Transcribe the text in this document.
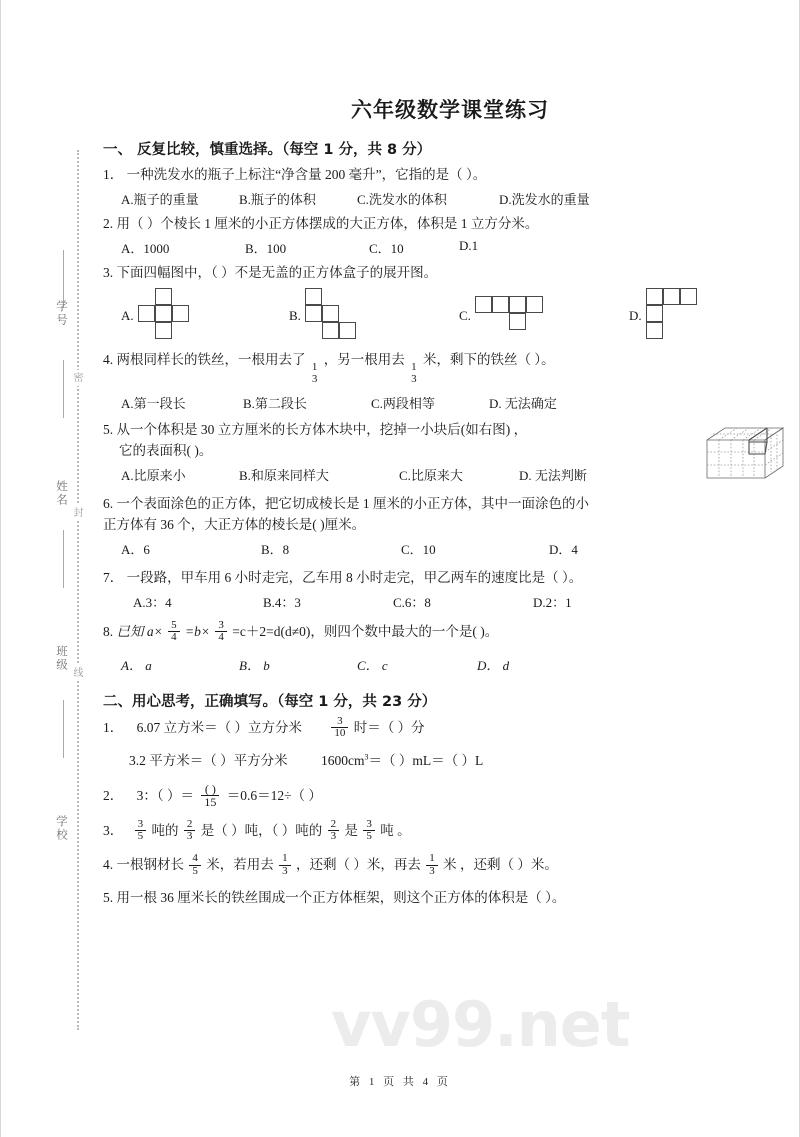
学号
姓名
班级
学校
密
封
线
六年级数学课堂练习
一、 反复比较，慎重选择。（每空 1 分，共 8 分）
1． 一种洗发水的瓶子上标注“净含量 200 毫升”，它指的是（ ）。
A.瓶子的重量	B.瓶子的体积	C.洗发水的体积	D.洗发水的重量
2. 用（ ）个棱长 1 厘米的小正方体摆成的大正方体，体积是 1 立方分米。
A．1000	B．100	C．10	D.1
3. 下面四幅图中，（ ）不是无盖的正方体盒子的展开图。
A.	B.	C.	D.
4. 两根同样长的铁丝，一根用去了
1
3
，另一根用去
1
3
米，剩下的铁丝（ ）。
A.第一段长	B.第二段长	C.两段相等	D. 无法确定
5. 从一个体积是 30 立方厘米的长方体木块中，挖掉一小块后(如右图) ，
它的表面积( )。
A.比原来小	B.和原来同样大	C.比原来大	D. 无法判断
6. 一个表面涂色的正方体，把它切成棱长是 1 厘米的小正方体，其中一面涂色的小
正方体有 36 个，大正方体的棱长是( )厘米。
A．6	B．8	C．10	D．4
7． 一段路，甲车用 6 小时走完，乙车用 8 小时走完，甲乙两车的速度比是（ ）。
A.3：4	B.4：3	C.6：8	D.2：1
8. 已知 $a\times \frac{5}{4} =b\times \frac{3}{4} =c+2=d(d\ne 0)$，则四个数中最大的一个是( )。
A． a	B． b	C． c	D． d
二、用心思考，正确填写。（每空 1 分，共 23 分）
1． 6.07 立方米＝（ ）立方分米	$\frac{3}{10}$ 时＝（ ）分
3.2 平方米＝（ ）平方分米 $1600cm^3=$（ ）mL＝（ ）L
2． 3：（ ）＝ $\frac{( )}{15} =0.6=12\div$（ ）
3． $\frac{3}{5}$ 吨的 $\frac{2}{3}$ 是（ ）吨，（ ）吨的 $\frac{2}{3}$ 是 $\frac{3}{5}$ 吨 。
4. 一根钢材长 $\frac{4}{5}$ 米，若用去 $\frac{1}{3}$ ，还剩（ ）米，再去 $\frac{1}{3}$ 米 ，还剩（ ）米。
5. 用一根 36 厘米长的铁丝围成一个正方体框架，则这个正方体的体积是（ ）。
vv99.net
第 1 页 共 4 页
